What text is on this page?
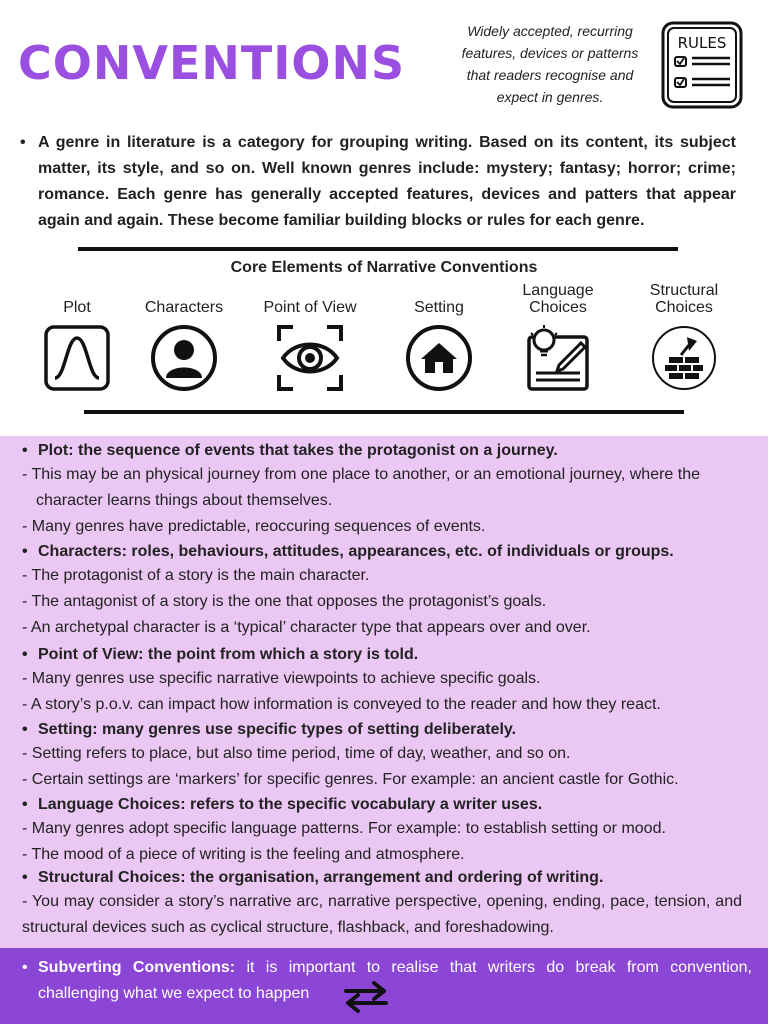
CONVENTIONS
Widely accepted, recurring features, devices or patterns that readers recognise and expect in genres.
RULES
• A genre in literature is a category for grouping writing. Based on its content, its subject matter, its style, and so on. Well known genres include: mystery; fantasy; horror; crime; romance. Each genre has generally accepted features, devices and patters that appear again and again. These become familiar building blocks or rules for each genre.
Core Elements of Narrative Conventions
Plot	Characters	Point of View	Setting
Language Choices
Structural Choices
• Plot: the sequence of events that takes the protagonist on a journey.
- This may be an physical journey from one place to another, or an emotional journey, where the character learns things about themselves.
- Many genres have predictable, reoccuring sequences of events.
• Characters: roles, behaviours, attitudes, appearances, etc. of individuals or groups.
- The protagonist of a story is the main character.
- The antagonist of a story is the one that opposes the protagonist’s goals.
- An archetypal character is a ‘typical’ character type that appears over and over.
• Point of View: the point from which a story is told.
- Many genres use specific narrative viewpoints to achieve specific goals.
- A story’s p.o.v. can impact how information is conveyed to the reader and how they react.
• Setting: many genres use specific types of setting deliberately.
- Setting refers to place, but also time period, time of day, weather, and so on.
- Certain settings are ‘markers’ for specific genres. For example: an ancient castle for Gothic.
• Language Choices: refers to the specific vocabulary a writer uses.
- Many genres adopt specific language patterns. For example: to establish setting or mood.
- The mood of a piece of writing is the feeling and atmosphere.
• Structural Choices: the organisation, arrangement and ordering of writing.
- You may consider a story’s narrative arc, narrative perspective, opening, ending, pace, tension, and structural devices such as cyclical structure, flashback, and foreshadowing.
• Subverting Conventions: it is important to realise that writers do break from convention, challenging what we expect to happen
